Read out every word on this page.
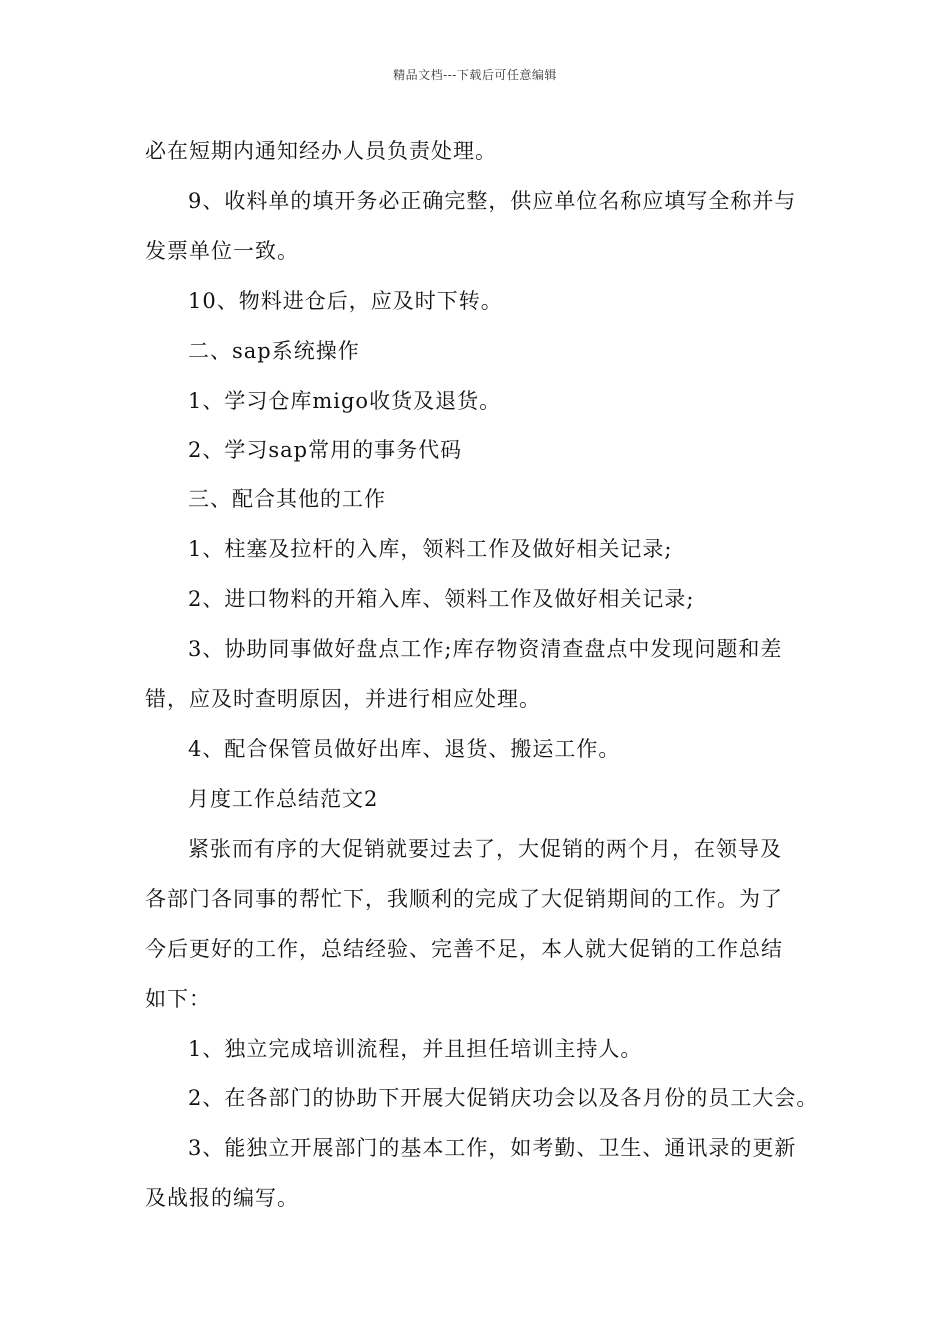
精品文档---下载后可任意编辑
必在短期内通知经办人员负责处理。
9、收料单的填开务必正确完整，供应单位名称应填写全称并与
发票单位一致。
10、物料进仓后，应及时下转。
二、sap系统操作
1、学习仓库migo收货及退货。
2、学习sap常用的事务代码
三、配合其他的工作
1、柱塞及拉杆的入库，领料工作及做好相关记录;
2、进口物料的开箱入库、领料工作及做好相关记录;
3、协助同事做好盘点工作;库存物资清查盘点中发现问题和差
错，应及时查明原因，并进行相应处理。
4、配合保管员做好出库、退货、搬运工作。
月度工作总结范文2
紧张而有序的大促销就要过去了，大促销的两个月，在领导及
各部门各同事的帮忙下，我顺利的完成了大促销期间的工作。为了
今后更好的工作，总结经验、完善不足，本人就大促销的工作总结
如下：
1、独立完成培训流程，并且担任培训主持人。
2、在各部门的协助下开展大促销庆功会以及各月份的员工大会。
3、能独立开展部门的基本工作，如考勤、卫生、通讯录的更新
及战报的编写。
